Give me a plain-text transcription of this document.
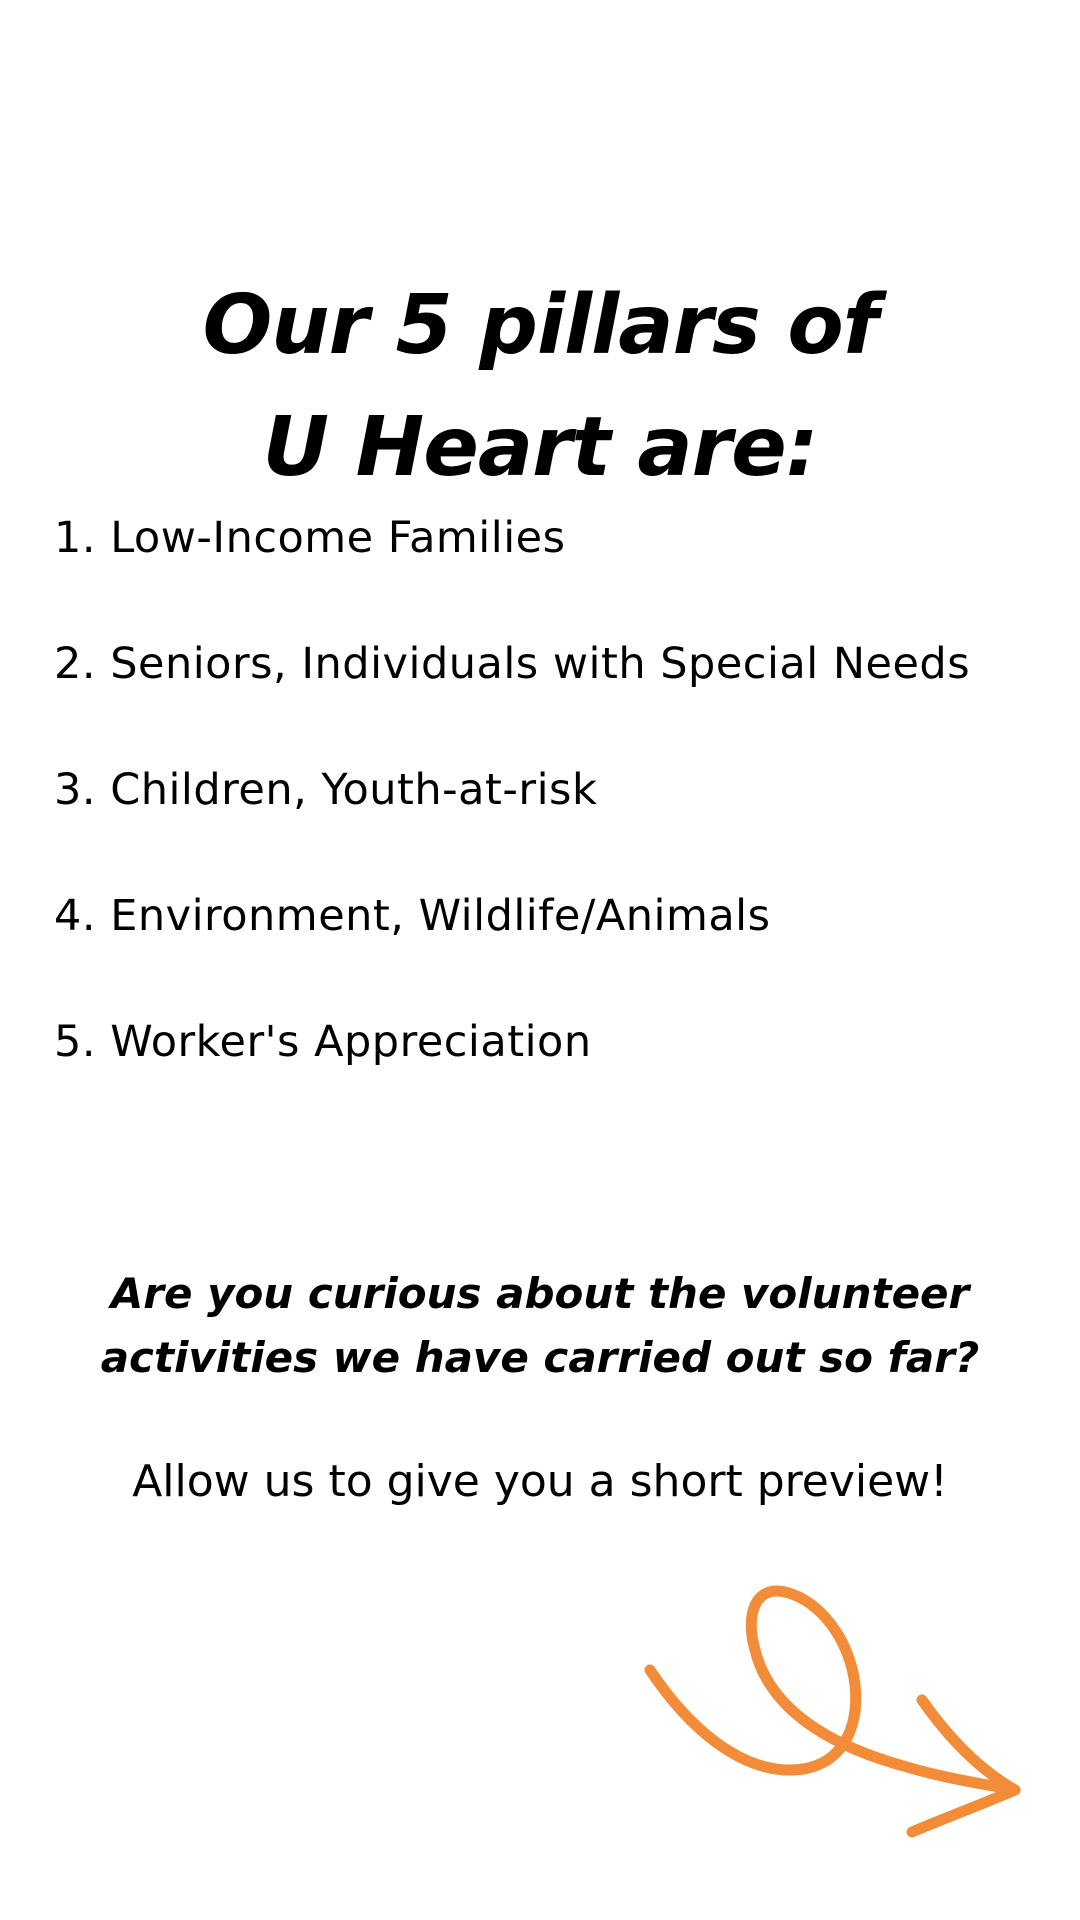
Our 5 pillars of
U Heart are:
1. Low-Income Families
2. Seniors, Individuals with Special Needs
3. Children, Youth-at-risk
4. Environment, Wildlife/Animals
5. Worker's Appreciation
Are you curious about the volunteer
activities we have carried out so far?
Allow us to give you a short preview!
